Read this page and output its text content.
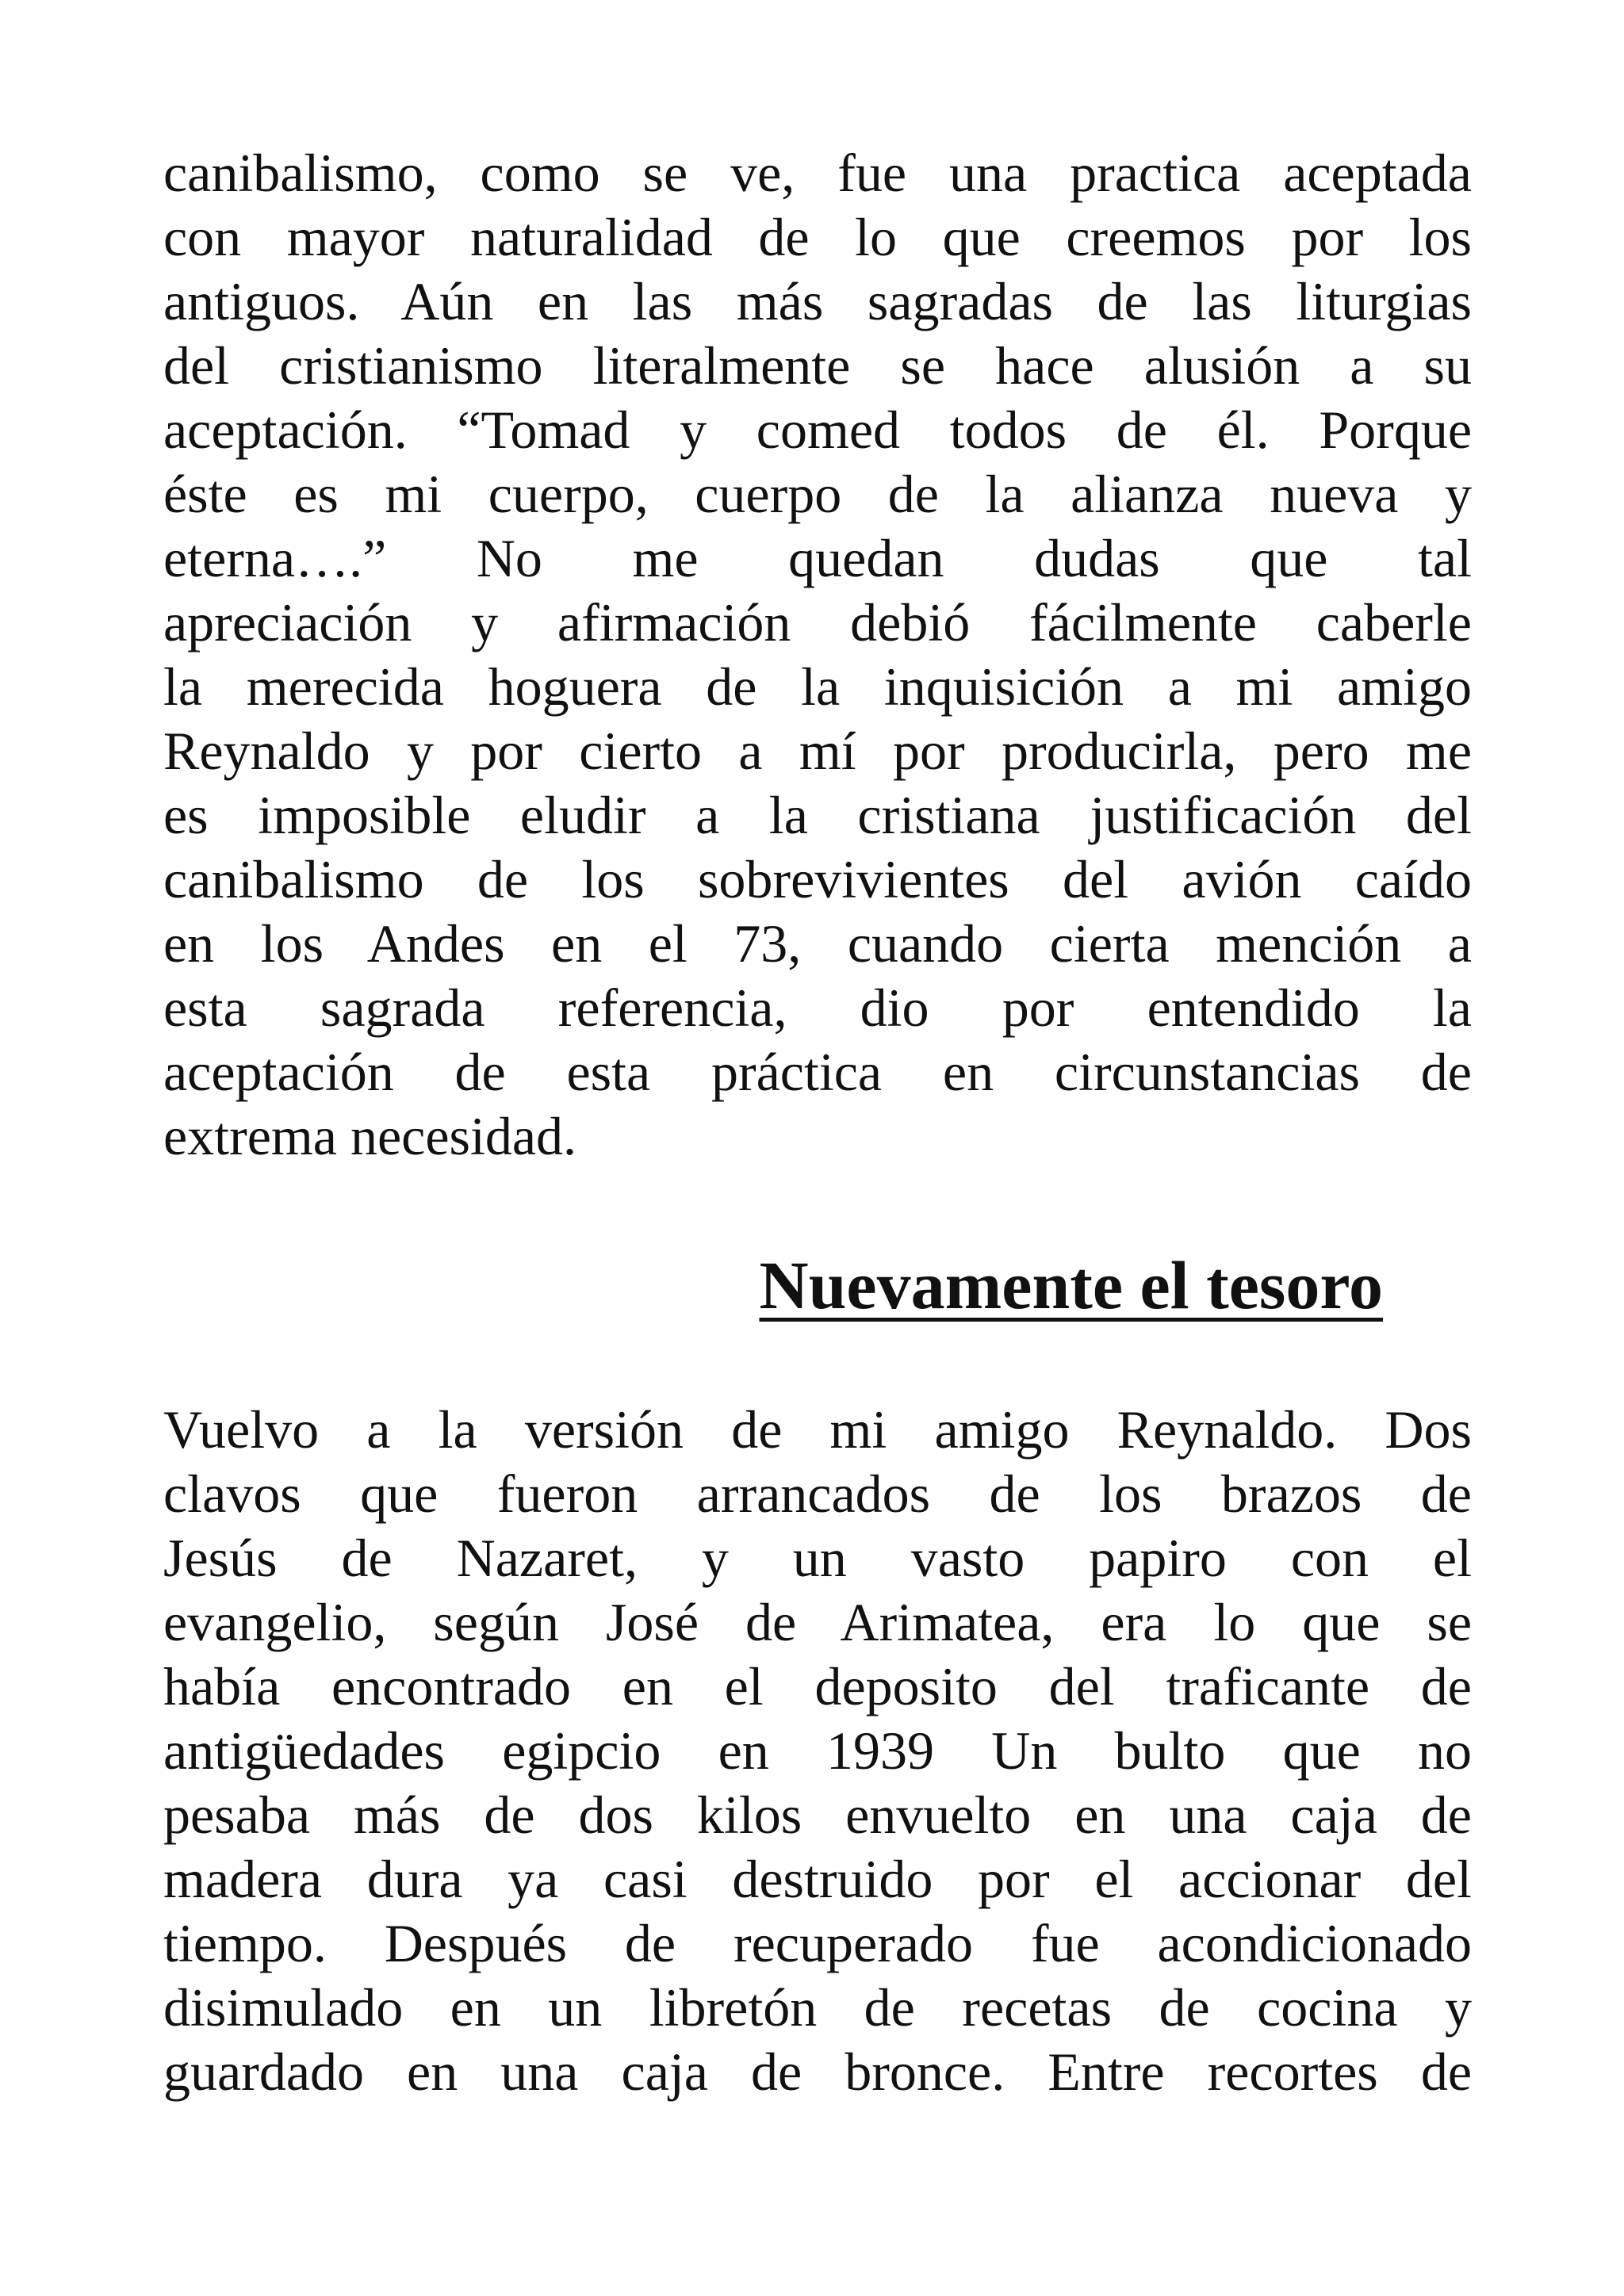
canibalismo, como se ve, fue una practica aceptada

con mayor naturalidad de lo que creemos por los

antiguos. Aún en las más sagradas de las liturgias

del cristianismo literalmente se hace alusión a su

aceptación. “Tomad y comed todos de él. Porque

éste es mi cuerpo, cuerpo de la alianza nueva y

eterna….” No me quedan dudas que tal

apreciación y afirmación debió fácilmente caberle

la merecida hoguera de la inquisición a mi amigo

Reynaldo y por cierto a mí por producirla, pero me

es imposible eludir a la cristiana justificación del

canibalismo de los sobrevivientes del avión caído

en los Andes en el 73, cuando cierta mención a

esta sagrada referencia, dio por entendido la

aceptación de esta práctica en circunstancias de

extrema necesidad.

Nuevamente el tesoro

Vuelvo a la versión de mi amigo Reynaldo. Dos

clavos que fueron arrancados de los brazos de

Jesús de Nazaret, y un vasto papiro con el

evangelio, según José de Arimatea, era lo que se

había encontrado en el deposito del traficante de

antigüedades egipcio en 1939 Un bulto que no

pesaba más de dos kilos envuelto en una caja de

madera dura ya casi destruido por el accionar del

tiempo. Después de recuperado fue acondicionado

disimulado en un libretón de recetas de cocina y

guardado en una caja de bronce. Entre recortes de
